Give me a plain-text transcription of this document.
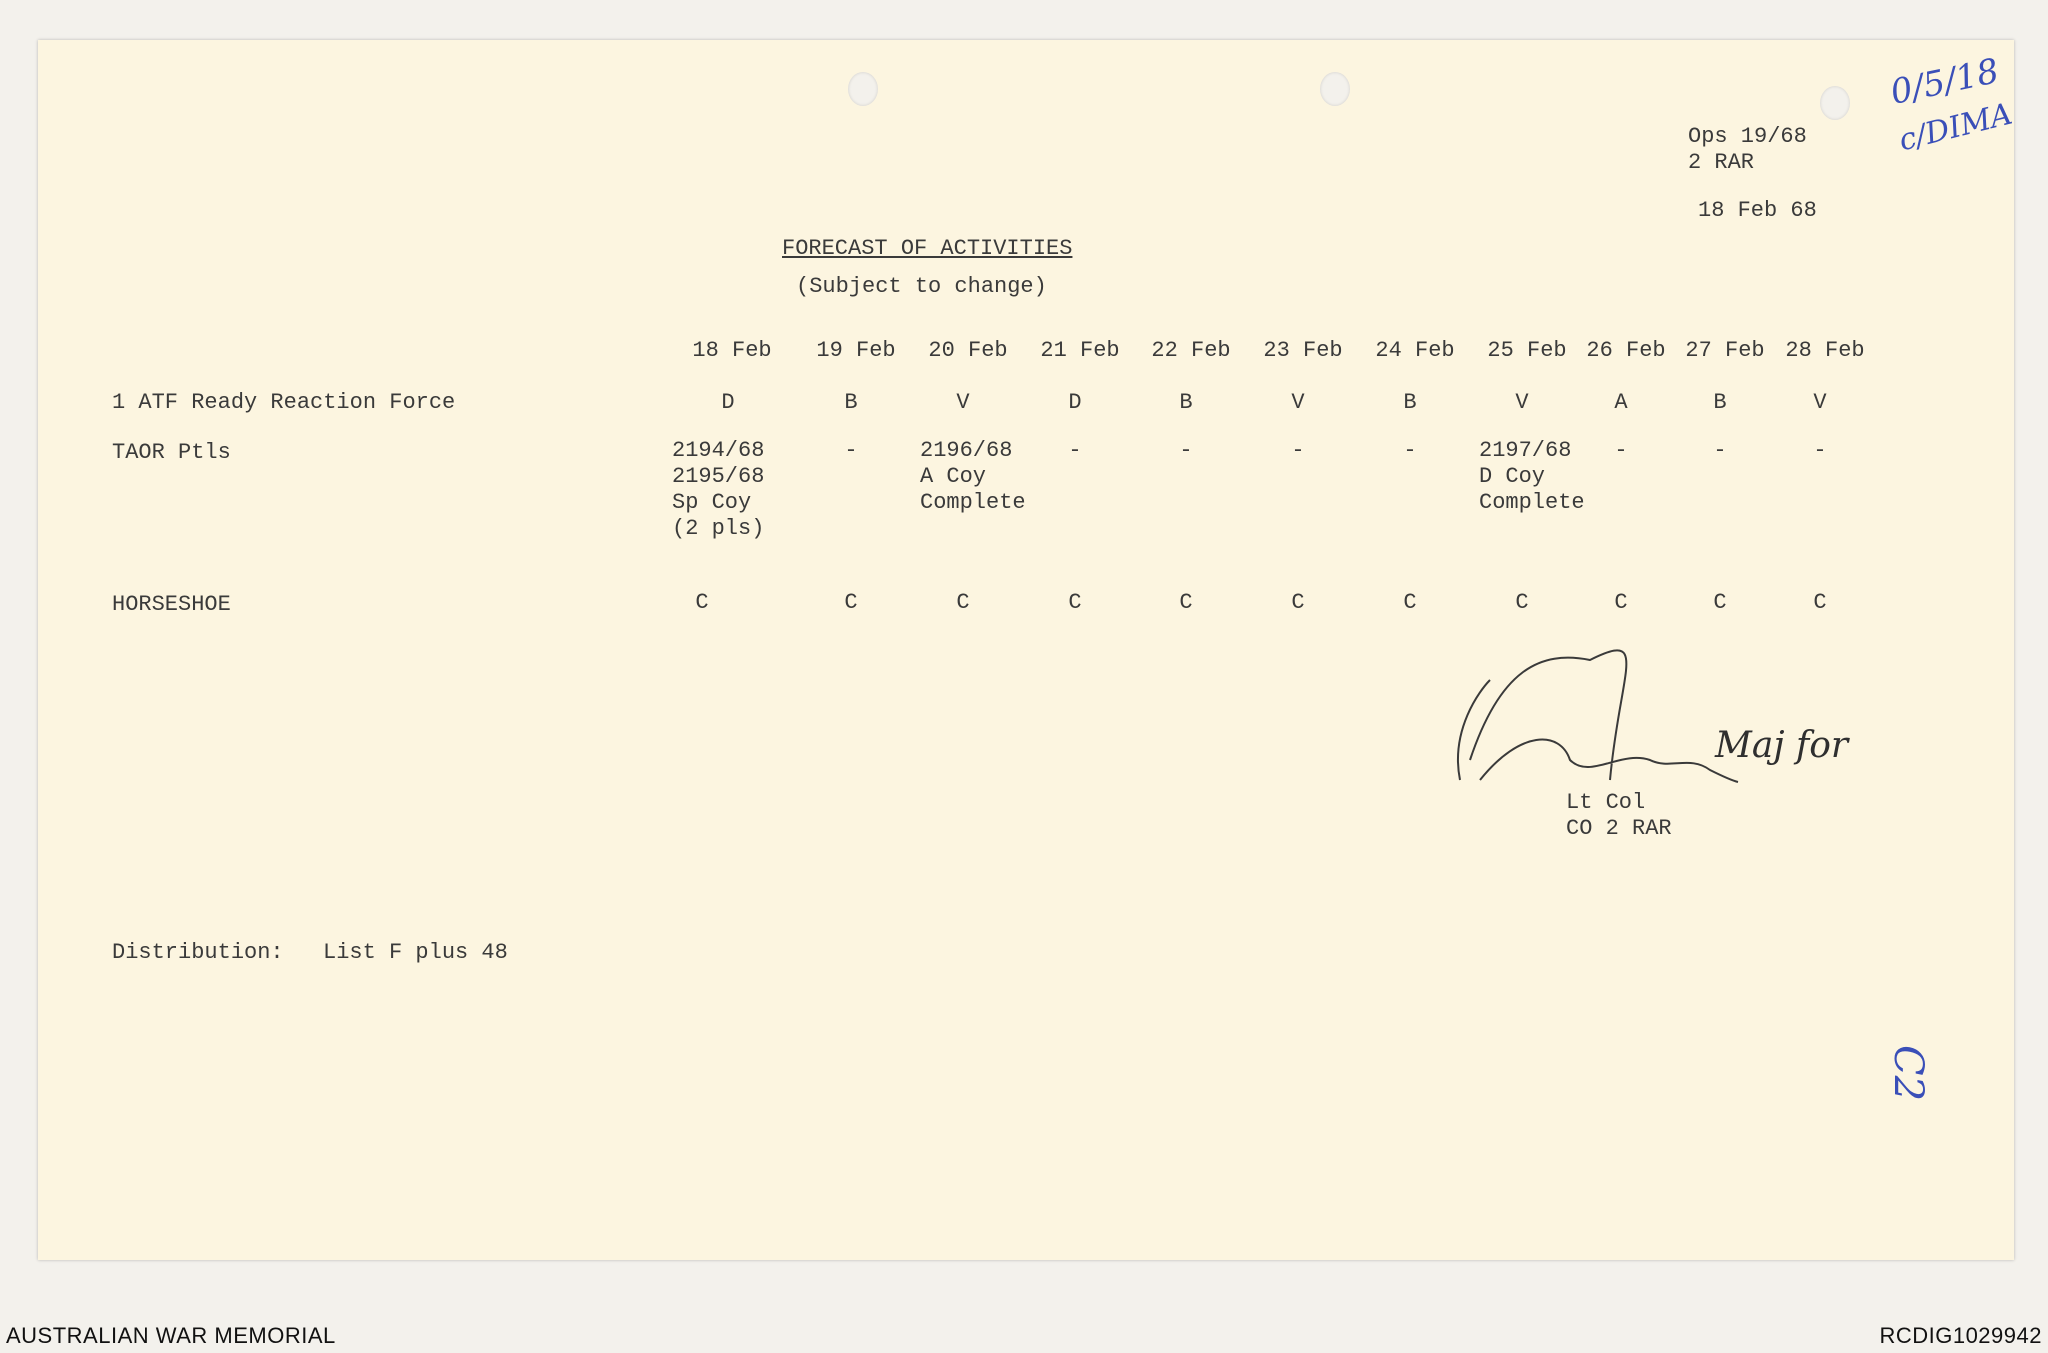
Ops 19/68
2 RAR
18 Feb 68
0/5/18
c/DIMA
C2
FORECAST OF ACTIVITIES
(Subject to change)
18 Feb 19 Feb 20 Feb 21 Feb 22 Feb 23 Feb 24 Feb 25 Feb 26 Feb 27 Feb 28 Feb
1 ATF Ready Reaction Force	D	B	V	D	B	V	B	V	A	B	V
TAOR Ptls	2194/68
2195/68
Sp Coy
(2 pls)
-	2196/68
A Coy
Complete
-	-	-	-	2197/68
D Coy
Complete
-	-	-
HORSESHOE	C	C	C	C	C	C	C	C	C	C	C
Maj for
Lt Col
CO 2 RAR
Distribution: List F plus 48
AUSTRALIAN WAR MEMORIAL	RCDIG1029942
